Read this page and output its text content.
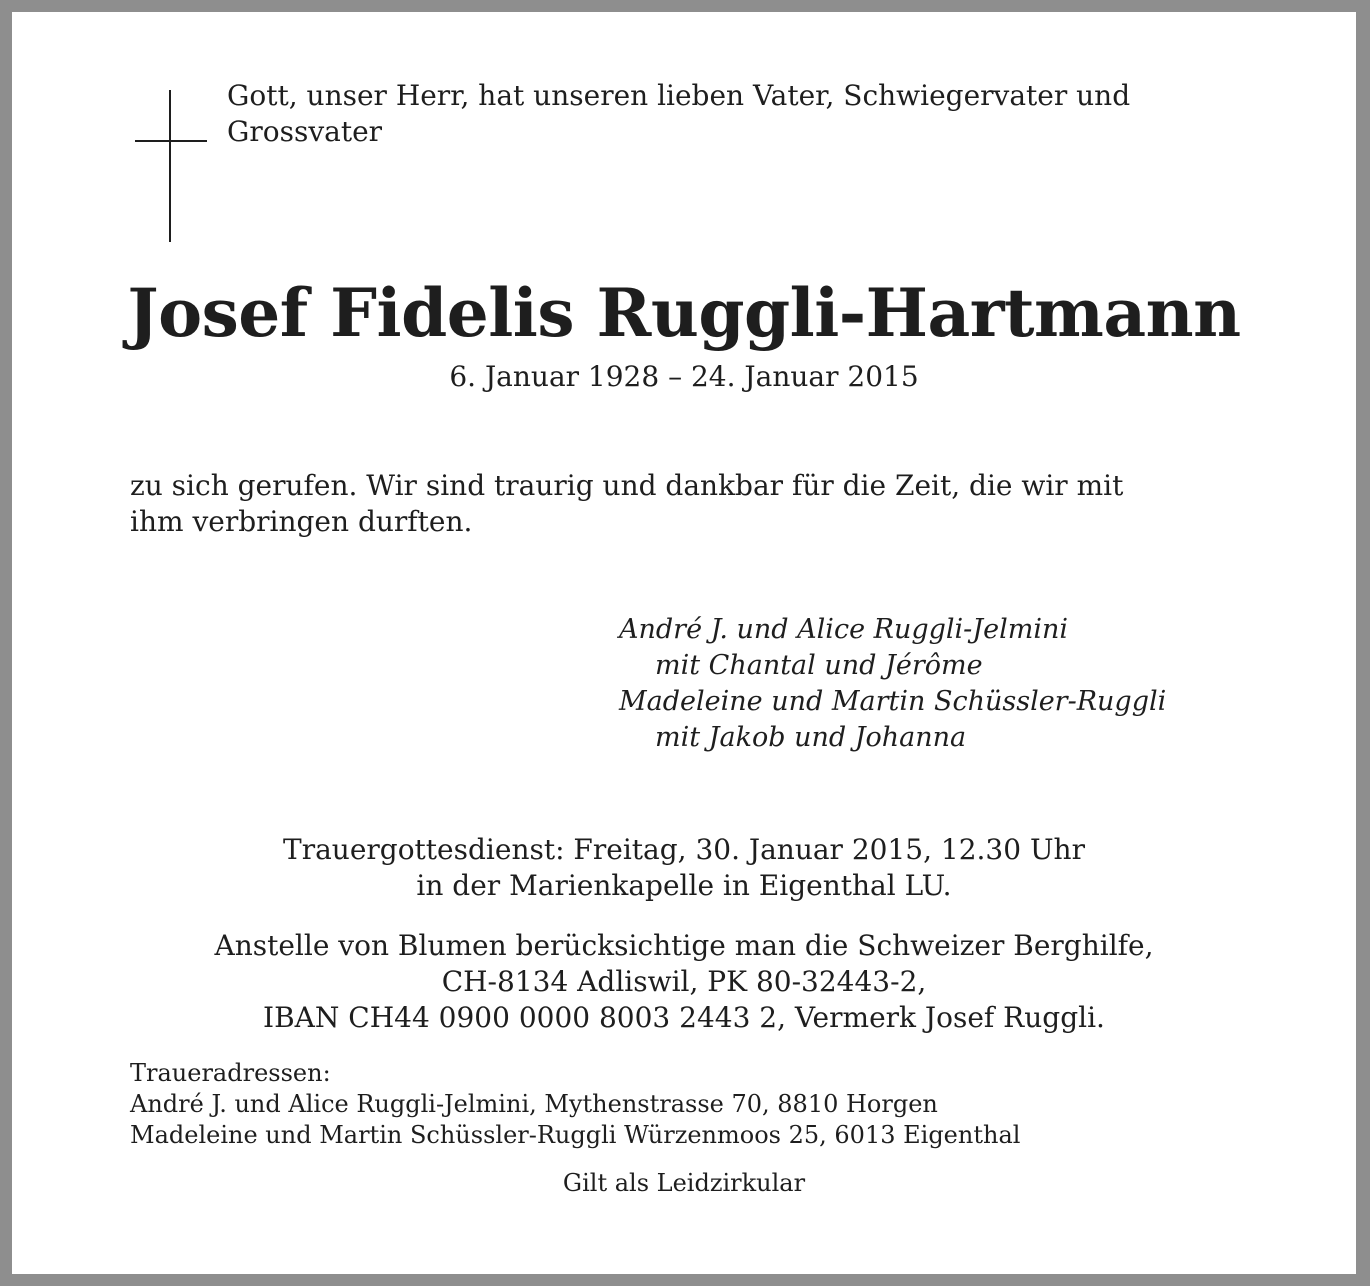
Gott, unser Herr, hat unseren lieben Vater, Schwiegervater und
Grossvater
Josef Fidelis Ruggli-Hartmann
6. Januar 1928 – 24. Januar 2015
zu sich gerufen. Wir sind traurig und dankbar für die Zeit, die wir mit
ihm verbringen durften.
André J. und Alice Ruggli-Jelmini
mit Chantal und Jérôme
Madeleine und Martin Schüssler-Ruggli
mit Jakob und Johanna
Trauergottesdienst: Freitag, 30. Januar 2015, 12.30 Uhr
in der Marienkapelle in Eigenthal LU.
Anstelle von Blumen berücksichtige man die Schweizer Berghilfe,
CH-8134 Adliswil, PK 80-32443-2,
IBAN CH44 0900 0000 8003 2443 2, Vermerk Josef Ruggli.
Traueradressen:
André J. und Alice Ruggli-Jelmini, Mythenstrasse 70, 8810 Horgen
Madeleine und Martin Schüssler-Ruggli Würzenmoos 25, 6013 Eigenthal
Gilt als Leidzirkular
